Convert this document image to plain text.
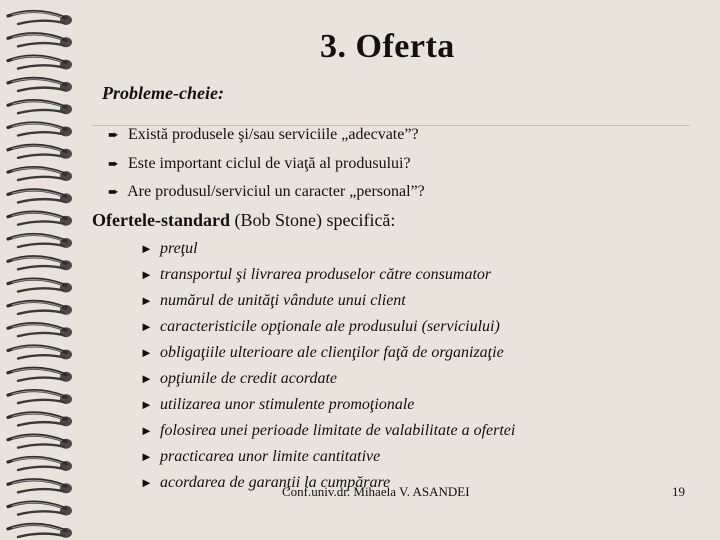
3. Oferta
Probleme-cheie:
➨ Există produsele şi/sau serviciile „adecvate”?
➨ Este important ciclul de viaţă al produsului?
➨ Are produsul/serviciul un caracter „personal”?
Ofertele-standard (Bob Stone) specifică:
► preţul
► transportul şi livrarea produselor către consumator
► numărul de unităţi vândute unui client
► caracteristicile opţionale ale produsului (serviciului)
► obligaţiile ulterioare ale clienţilor faţă de organizaţie
► opţiunile de credit acordate
► utilizarea unor stimulente promoţionale
► folosirea unei perioade limitate de valabilitate a ofertei
► practicarea unor limite cantitative
► acordarea de garanţii la cumpărare
Conf.univ.dr. Mihaela V. ASANDEI	19
